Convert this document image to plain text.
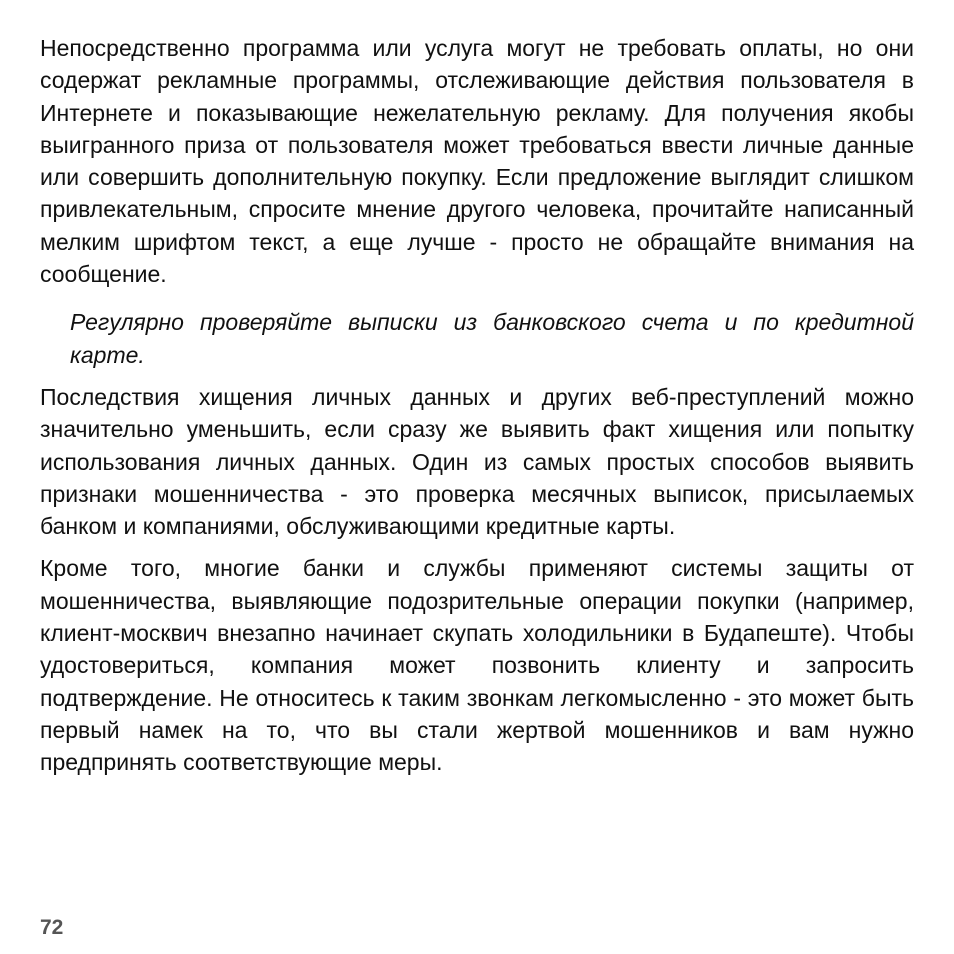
Непосредственно программа или услуга могут не требовать оплаты, но они содержат рекламные программы, отслеживающие действия пользователя в Интернете и показывающие нежелательную рекламу. Для получения якобы выигранного приза от пользователя может требоваться ввести личные данные или совершить дополнительную покупку. Если предложение выглядит слишком привлекательным, спросите мнение другого человека, прочитайте написанный мелким шрифтом текст, а еще лучше - просто не обращайте внимания на сообщение.

Регулярно проверяйте выписки из банковского счета и по кредитной карте.

Последствия хищения личных данных и других веб-преступлений можно значительно уменьшить, если сразу же выявить факт хищения или попытку использования личных данных. Один из самых простых способов выявить признаки мошенничества - это проверка месячных выписок, присылаемых банком и компаниями, обслуживающими кредитные карты.

Кроме того, многие банки и службы применяют системы защиты от мошенничества, выявляющие подозрительные операции покупки (например, клиент-москвич внезапно начинает скупать холодильники в Будапеште). Чтобы удостовериться, компания может позвонить клиенту и запросить подтверждение. Не относитесь к таким звонкам легкомысленно - это может быть первый намек на то, что вы стали жертвой мошенников и вам нужно предпринять соответствующие меры.

72
